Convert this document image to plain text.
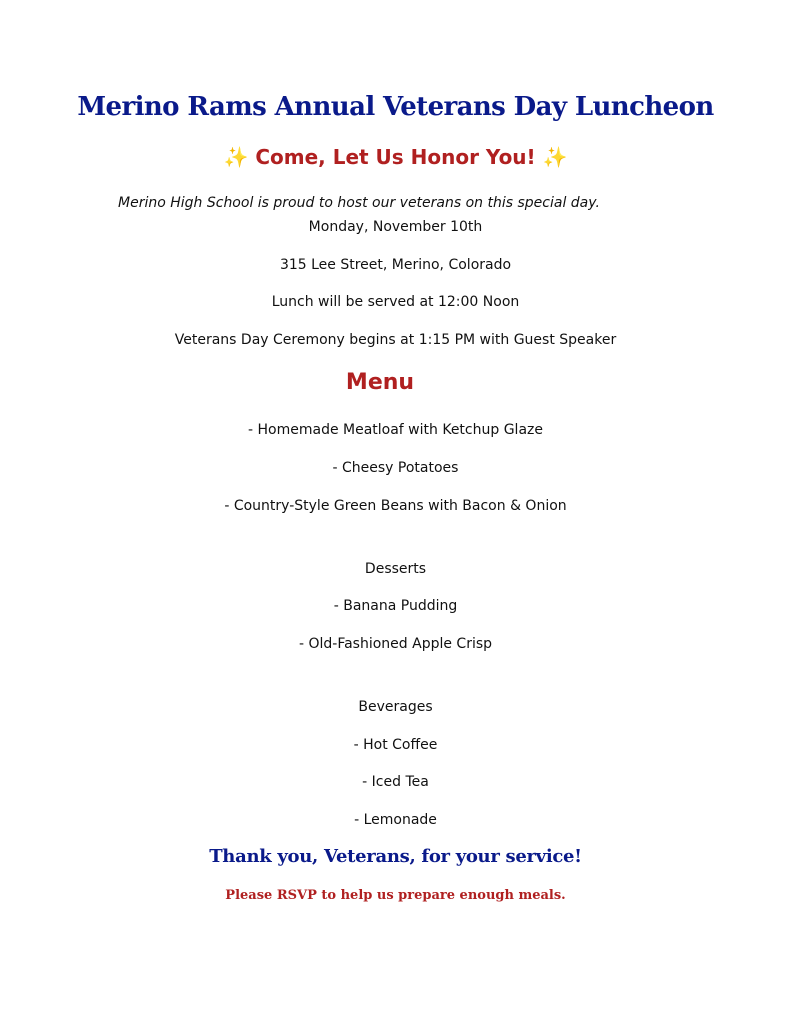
Merino Rams Annual Veterans Day Luncheon
✨ Come, Let Us Honor You! ✨
Merino High School is proud to host our veterans on this special day.
Monday, November 10th
315 Lee Street, Merino, Colorado
Lunch will be served at 12:00 Noon
Veterans Day Ceremony begins at 1:15 PM with Guest Speaker
Menu
- Homemade Meatloaf with Ketchup Glaze
- Cheesy Potatoes
- Country-Style Green Beans with Bacon & Onion
Desserts
- Banana Pudding
- Old-Fashioned Apple Crisp
Beverages
- Hot Coffee
- Iced Tea
- Lemonade
Thank you, Veterans, for your service!
Please RSVP to help us prepare enough meals.
